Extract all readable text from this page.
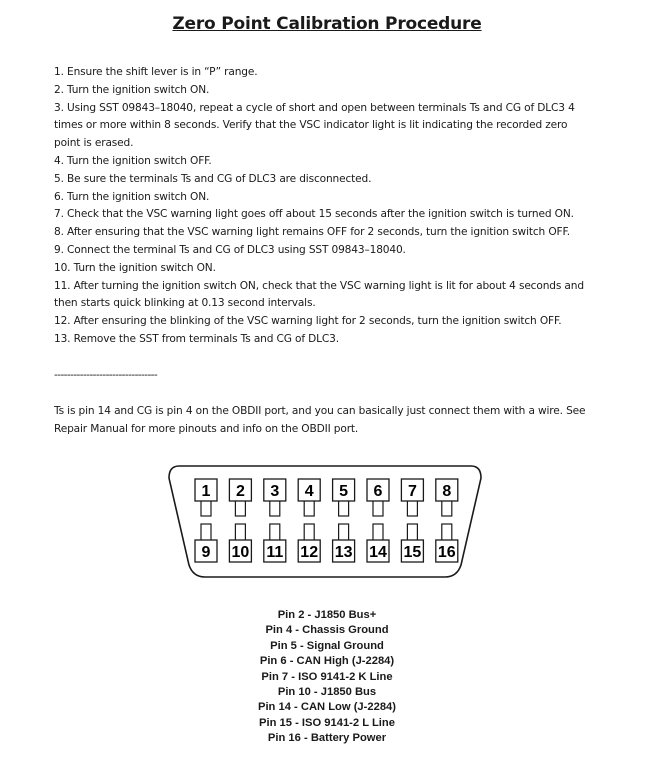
Zero Point Calibration Procedure

1. Ensure the shift lever is in “P” range.

2. Turn the ignition switch ON.

3. Using SST 09843–18040, repeat a cycle of short and open between terminals Ts and CG of DLC3 4 times or more within 8 seconds. Verify that the VSC indicator light is lit indicating the recorded zero point is erased.

4. Turn the ignition switch OFF.

5. Be sure the terminals Ts and CG of DLC3 are disconnected.

6. Turn the ignition switch ON.

7. Check that the VSC warning light goes off about 15 seconds after the ignition switch is turned ON.

8. After ensuring that the VSC warning light remains OFF for 2 seconds, turn the ignition switch OFF.

9. Connect the terminal Ts and CG of DLC3 using SST 09843–18040.

10. Turn the ignition switch ON.

11. After turning the ignition switch ON, check that the VSC warning light is lit for about 4 seconds and then starts quick blinking at 0.13 second intervals.

12. After ensuring the blinking of the VSC warning light for 2 seconds, turn the ignition switch OFF.

13. Remove the SST from terminals Ts and CG of DLC3.

--------------------------------
Ts is pin 14 and CG is pin 4 on the OBDII port, and you can basically just connect them with a wire. See Repair Manual for more pinouts and info on the OBDII port.
1 2 3 4 5 6 7 8
9 10 11 12 13 14 15 16
Pin 2 - J1850 Bus+
Pin 4 - Chassis Ground
Pin 5 - Signal Ground
Pin 6 - CAN High (J-2284)
Pin 7 - ISO 9141-2 K Line
Pin 10 - J1850 Bus
Pin 14 - CAN Low (J-2284)
Pin 15 - ISO 9141-2 L Line
Pin 16 - Battery Power
